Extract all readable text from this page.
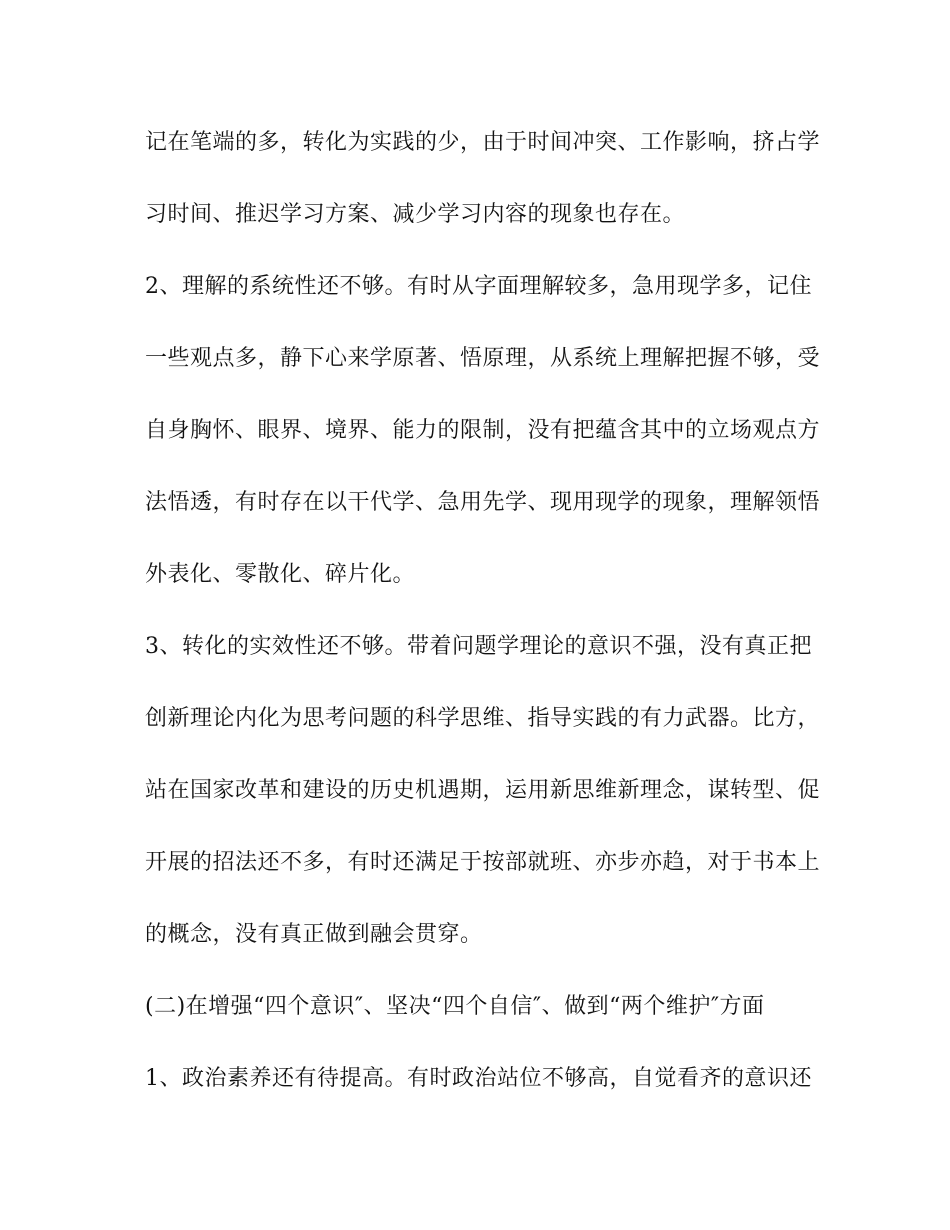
记在笔端的多，转化为实践的少，由于时间冲突、工作影响，挤占学
习时间、推迟学习方案、减少学习内容的现象也存在。
2、理解的系统性还不够。有时从字面理解较多，急用现学多，记住
一些观点多，静下心来学原著、悟原理，从系统上理解把握不够，受
自身胸怀、眼界、境界、能力的限制，没有把蕴含其中的立场观点方
法悟透，有时存在以干代学、急用先学、现用现学的现象，理解领悟
外表化、零散化、碎片化。
3、转化的实效性还不够。带着问题学理论的意识不强，没有真正把
创新理论内化为思考问题的科学思维、指导实践的有力武器。比方，
站在国家改革和建设的历史机遇期，运用新思维新理念，谋转型、促
开展的招法还不多，有时还满足于按部就班、亦步亦趋，对于书本上
的概念，没有真正做到融会贯穿。
(二)在增强“四个意识″、坚决“四个自信″、做到“两个维护″方面
1、政治素养还有待提高。有时政治站位不够高，自觉看齐的意识还
